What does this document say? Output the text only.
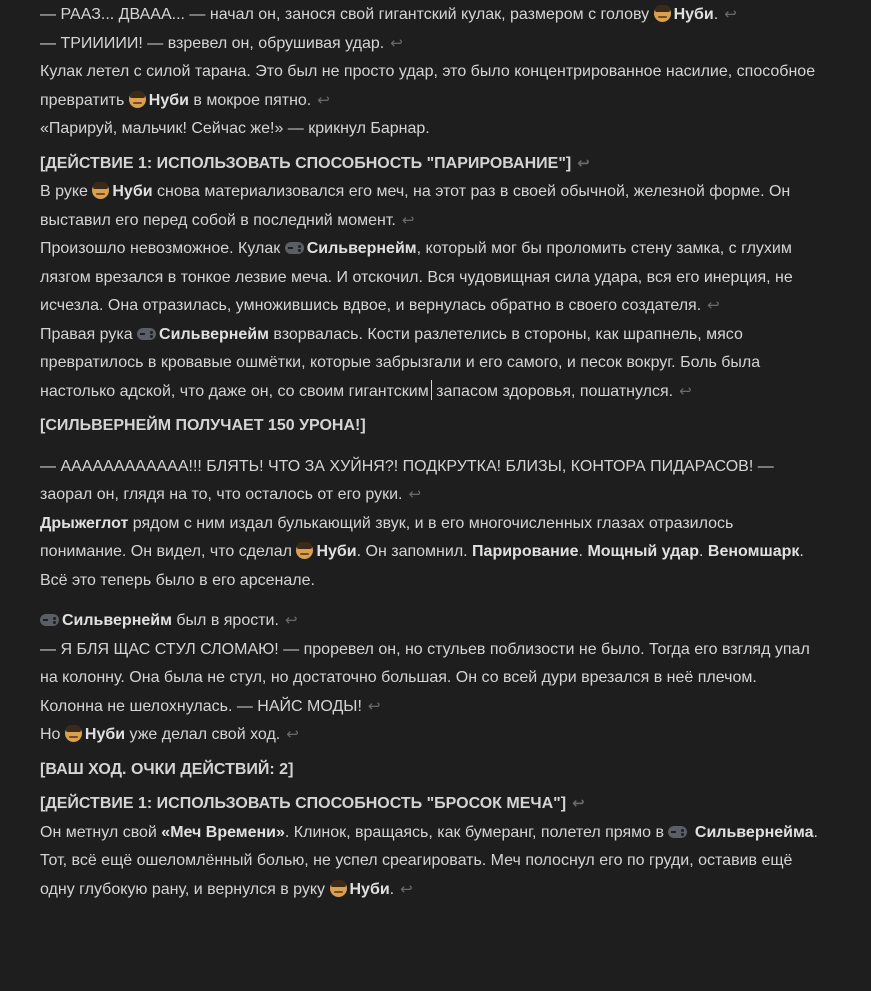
— РААЗ... ДВААА... — начал он, занося свой гигантский кулак, размером с голову Нуби. ↩

— ТРИИИИИ! — взревел он, обрушивая удар. ↩

Кулак летел с силой тарана. Это был не просто удар, это было концентрированное насилие, способное превратить Нуби в мокрое пятно. ↩

«Парируй, мальчик! Сейчас же!» — крикнул Барнар.

[ДЕЙСТВИЕ 1: ИСПОЛЬЗОВАТЬ СПОСОБНОСТЬ "ПАРИРОВАНИЕ"] ↩

В руке Нуби снова материализовался его меч, на этот раз в своей обычной, железной форме. Он выставил его перед собой в последний момент. ↩

Произошло невозможное. Кулак Сильвернейм, который мог бы проломить стену замка, с глухим лязгом врезался в тонкое лезвие меча. И отскочил. Вся чудовищная сила удара, вся его инерция, не исчезла. Она отразилась, умножившись вдвое, и вернулась обратно в своего создателя. ↩

Правая рука Сильвернейм взорвалась. Кости разлетелись в стороны, как шрапнель, мясо превратилось в кровавые ошмётки, которые забрызгали и его самого, и песок вокруг. Боль была настолько адской, что даже он, со своим гигантским запасом здоровья, пошатнулся. ↩

[СИЛЬВЕРНЕЙМ ПОЛУЧАЕТ 150 УРОНА!]

— АААААААААААА!!! БЛЯТЬ! ЧТО ЗА ХУЙНЯ?! ПОДКРУТКА! БЛИЗЫ, КОНТОРА ПИДАРАСОВ! — заорал он, глядя на то, что осталось от его руки. ↩

Дрыжеглот рядом с ним издал булькающий звук, и в его многочисленных глазах отразилось понимание. Он видел, что сделал Нуби. Он запомнил. Парирование. Мощный удар. Веномшарк. Всё это теперь было в его арсенале.

Сильвернейм был в ярости. ↩

— Я БЛЯ ЩАС СТУЛ СЛОМАЮ! — проревел он, но стульев поблизости не было. Тогда его взгляд упал на колонну. Она была не стул, но достаточно большая. Он со всей дури врезался в неё плечом. Колонна не шелохнулась. — НАЙС МОДЫ! ↩

Но Нуби уже делал свой ход. ↩

[ВАШ ХОД. ОЧКИ ДЕЙСТВИЙ: 2]

[ДЕЙСТВИЕ 1: ИСПОЛЬЗОВАТЬ СПОСОБНОСТЬ "БРОСОК МЕЧА"] ↩

Он метнул свой «Меч Времени». Клинок, вращаясь, как бумеранг, полетел прямо в Сильвернейма. Тот, всё ещё ошеломлённый болью, не успел среагировать. Меч полоснул его по груди, оставив ещё одну глубокую рану, и вернулся в руку Нуби. ↩
